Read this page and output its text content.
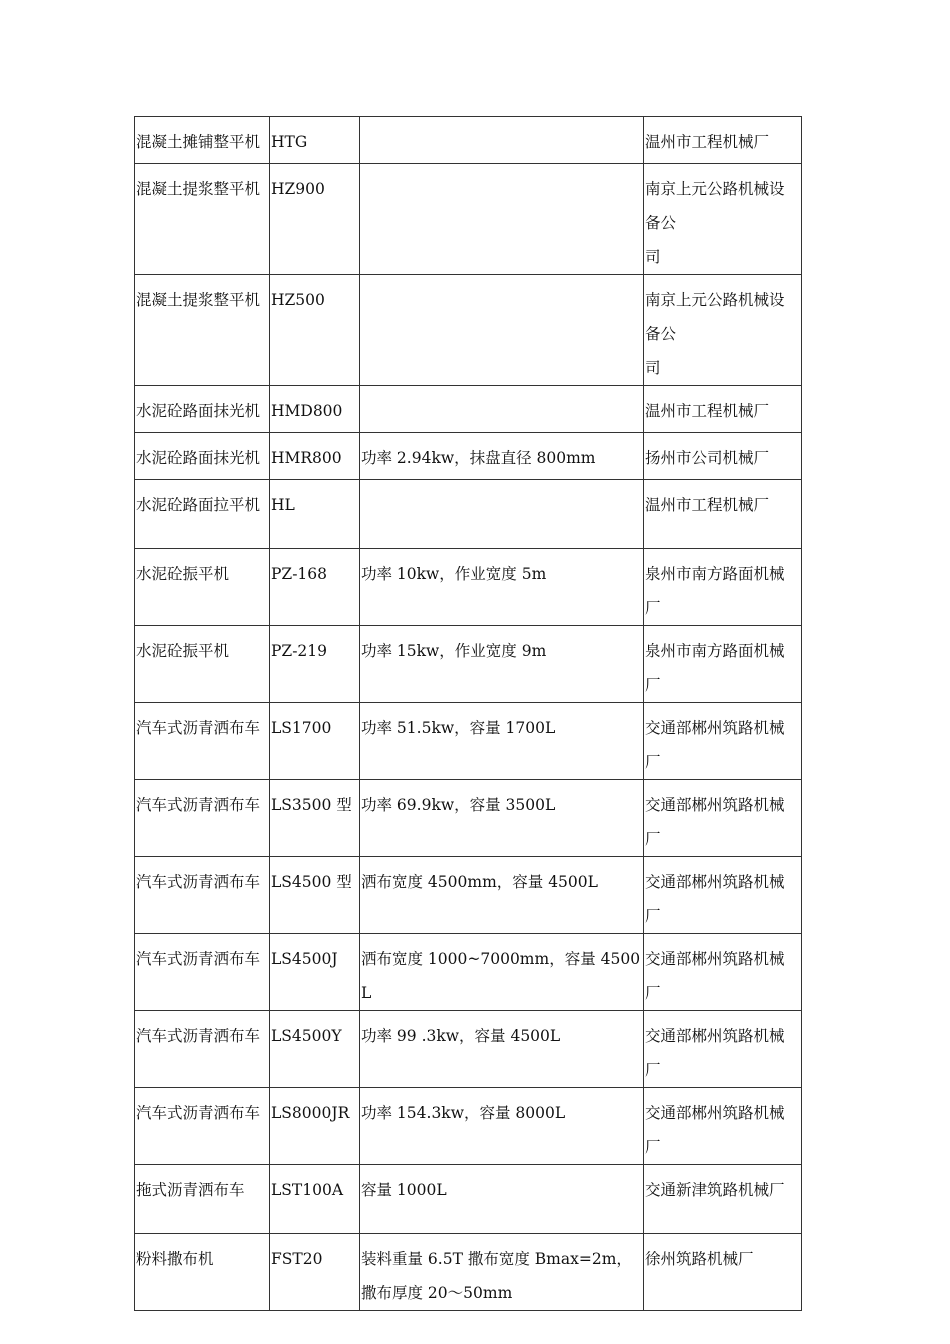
混凝土摊铺整平机	HTG		温州市工程机械厂

混凝土提浆整平机	HZ900		南京上元公路机械设
备公
司

混凝土提浆整平机	HZ500		南京上元公路机械设
备公
司

水泥砼路面抹光机	HMD800		温州市工程机械厂

水泥砼路面抹光机	HMR800	功率 2.94kw，抹盘直径 800mm	扬州市公司机械厂

水泥砼路面拉平机	HL		温州市工程机械厂

水泥砼振平机	PZ-168	功率 10kw，作业宽度 5m	泉州市南方路面机械
厂

水泥砼振平机	PZ-219	功率 15kw，作业宽度 9m	泉州市南方路面机械
厂

汽车式沥青洒布车	LS1700	功率 51.5kw，容量 1700L	交通部郴州筑路机械
厂

汽车式沥青洒布车	LS3500 型	功率 69.9kw，容量 3500L	交通部郴州筑路机械
厂

汽车式沥青洒布车	LS4500 型	洒布宽度 4500mm，容量 4500L	交通部郴州筑路机械
厂

汽车式沥青洒布车	LS4500J	洒布宽度 1000~7000mm，容量 4500L	交通部郴州筑路机械
厂

汽车式沥青洒布车	LS4500Y	功率 99 .3kw，容量 4500L	交通部郴州筑路机械
厂

汽车式沥青洒布车	LS8000JR	功率 154.3kw，容量 8000L	交通部郴州筑路机械
厂

拖式沥青洒布车	LST100A	容量 1000L	交通新津筑路机械厂

粉料撒布机	FST20	装料重量 6.5T 撒布宽度 Bmax=2m，撒布厚度 20～50mm	徐州筑路机械厂
